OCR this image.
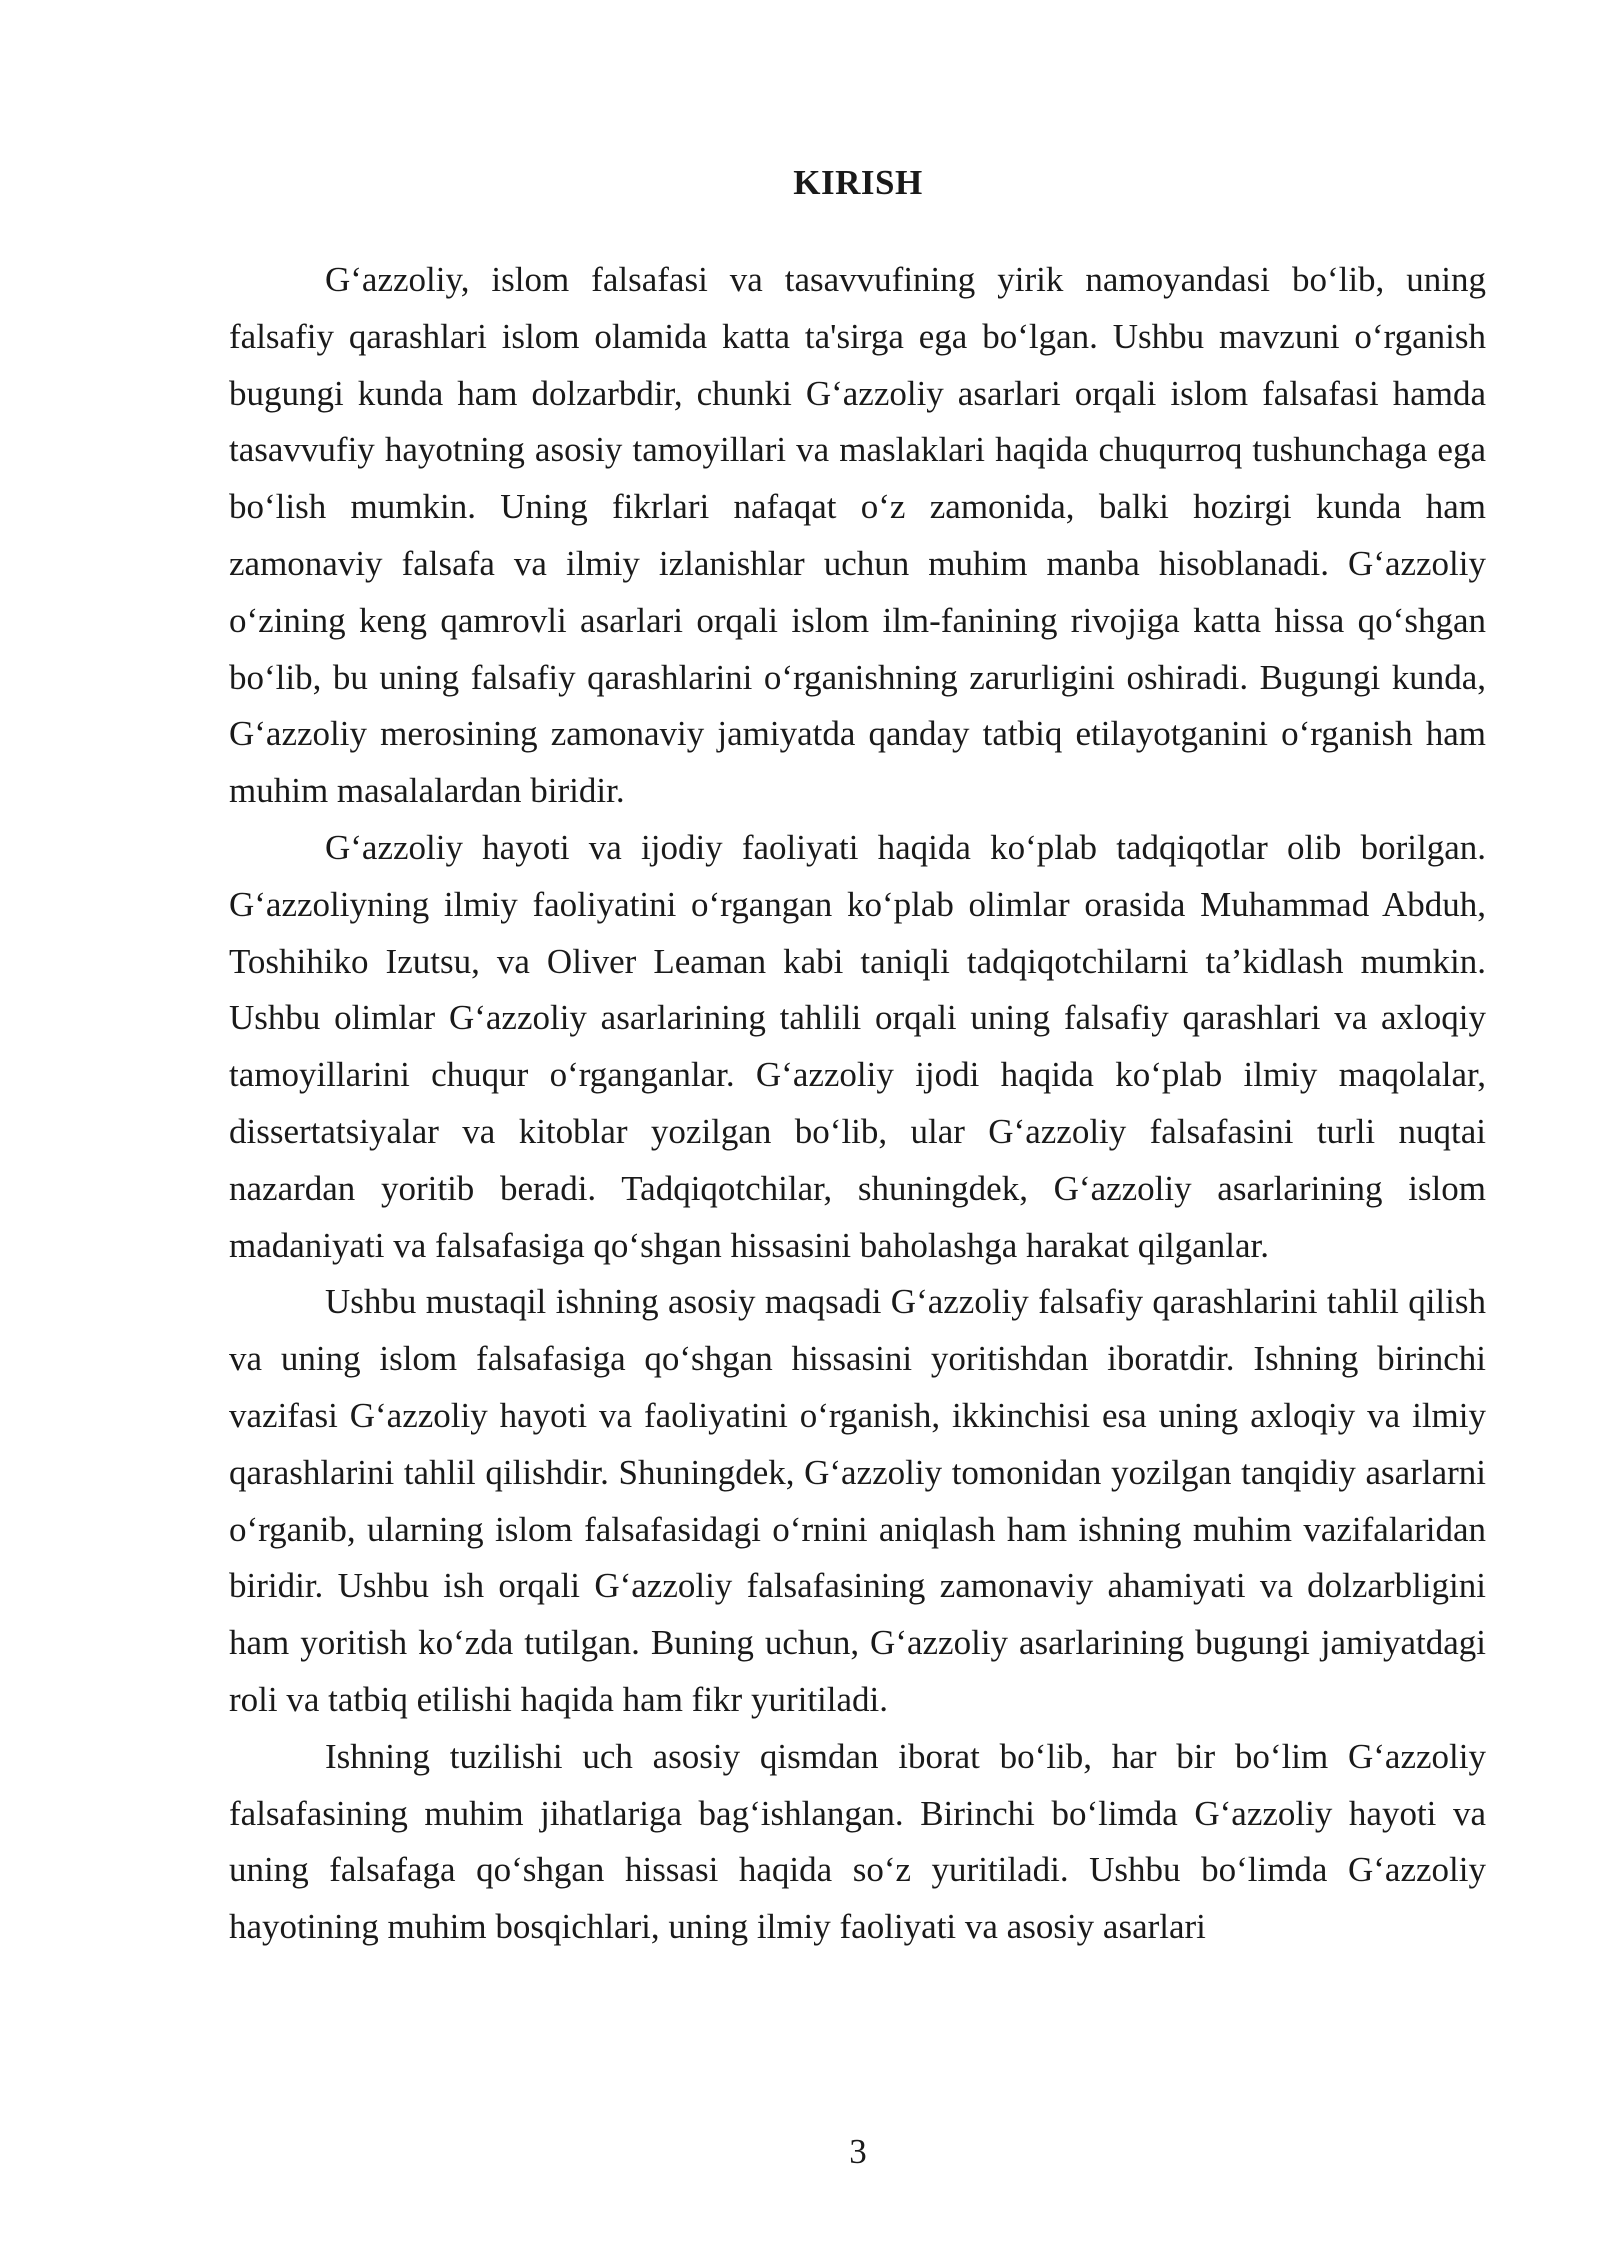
KIRISH

G‘azzoliy, islom falsafasi va tasavvufining yirik namoyandasi bo‘lib, uning falsafiy qarashlari islom olamida katta ta'sirga ega bo‘lgan. Ushbu mavzuni o‘rganish bugungi kunda ham dolzarbdir, chunki G‘azzoliy asarlari orqali islom falsafasi hamda tasavvufiy hayotning asosiy tamoyillari va maslaklari haqida chuqurroq tushunchaga ega bo‘lish mumkin. Uning fikrlari nafaqat o‘z zamonida, balki hozirgi kunda ham zamonaviy falsafa va ilmiy izlanishlar uchun muhim manba hisoblanadi. G‘azzoliy o‘zining keng qamrovli asarlari orqali islom ilm-fanining rivojiga katta hissa qo‘shgan bo‘lib, bu uning falsafiy qarashlarini o‘rganishning zarurligini oshiradi. Bugungi kunda, G‘azzoliy merosining zamonaviy jamiyatda qanday tatbiq etilayotganini o‘rganish ham muhim masalalardan biridir.

G‘azzoliy hayoti va ijodiy faoliyati haqida ko‘plab tadqiqotlar olib borilgan. G‘azzoliyning ilmiy faoliyatini o‘rgangan ko‘plab olimlar orasida Muhammad Abduh, Toshihiko Izutsu, va Oliver Leaman kabi taniqli tadqiqotchilarni ta’kidlash mumkin. Ushbu olimlar G‘azzoliy asarlarining tahlili orqali uning falsafiy qarashlari va axloqiy tamoyillarini chuqur o‘rganganlar. G‘azzoliy ijodi haqida ko‘plab ilmiy maqolalar, dissertatsiyalar va kitoblar yozilgan bo‘lib, ular G‘azzoliy falsafasini turli nuqtai nazardan yoritib beradi. Tadqiqotchilar, shuningdek, G‘azzoliy asarlarining islom madaniyati va falsafasiga qo‘shgan hissasini baholashga harakat qilganlar.

Ushbu mustaqil ishning asosiy maqsadi G‘azzoliy falsafiy qarashlarini tahlil qilish va uning islom falsafasiga qo‘shgan hissasini yoritishdan iboratdir. Ishning birinchi vazifasi G‘azzoliy hayoti va faoliyatini o‘rganish, ikkinchisi esa uning axloqiy va ilmiy qarashlarini tahlil qilishdir. Shuningdek, G‘azzoliy tomonidan yozilgan tanqidiy asarlarni o‘rganib, ularning islom falsafasidagi o‘rnini aniqlash ham ishning muhim vazifalaridan biridir. Ushbu ish orqali G‘azzoliy falsafasining zamonaviy ahamiyati va dolzarbligini ham yoritish ko‘zda tutilgan. Buning uchun, G‘azzoliy asarlarining bugungi jamiyatdagi roli va tatbiq etilishi haqida ham fikr yuritiladi.

Ishning tuzilishi uch asosiy qismdan iborat bo‘lib, har bir bo‘lim G‘azzoliy falsafasining muhim jihatlariga bag‘ishlangan. Birinchi bo‘limda G‘azzoliy hayoti va uning falsafaga qo‘shgan hissasi haqida so‘z yuritiladi. Ushbu bo‘limda G‘azzoliy hayotining muhim bosqichlari, uning ilmiy faoliyati va asosiy asarlari

3
